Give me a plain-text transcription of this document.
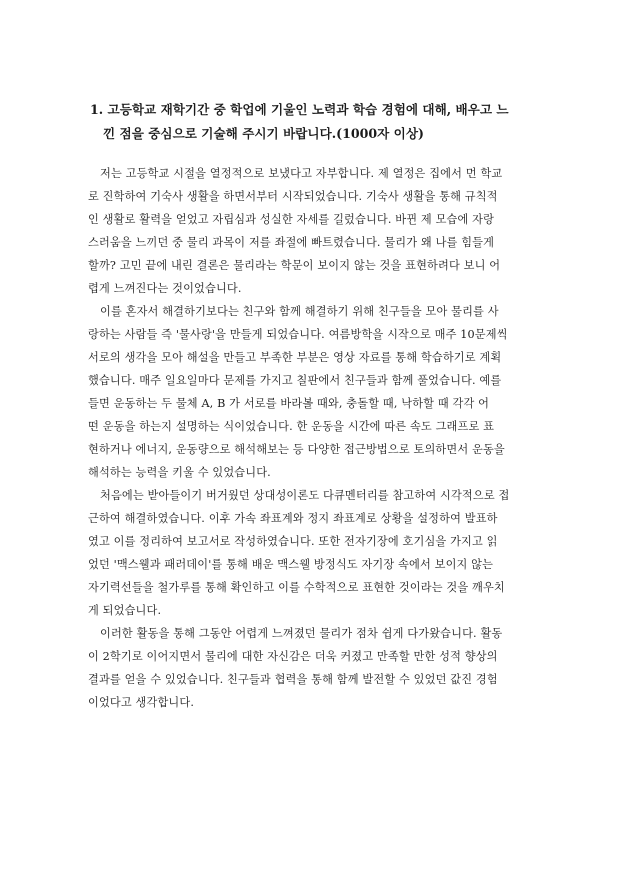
1. 고등학교 재학기간 중 학업에 기울인 노력과 학습 경험에 대해, 배우고 느
낀 점을 중심으로 기술해 주시기 바랍니다.(1000자 이상)
저는 고등학교 시절을 열정적으로 보냈다고 자부합니다. 제 열정은 집에서 먼 학교
로 진학하여 기숙사 생활을 하면서부터 시작되었습니다. 기숙사 생활을 통해 규칙적
인 생활로 활력을 얻었고 자립심과 성실한 자세를 길렀습니다. 바뀐 제 모습에 자랑
스러움을 느끼던 중 물리 과목이 저를 좌절에 빠트렸습니다. 물리가 왜 나를 힘들게
할까? 고민 끝에 내린 결론은 물리라는 학문이 보이지 않는 것을 표현하려다 보니 어
렵게 느껴진다는 것이었습니다.
이를 혼자서 해결하기보다는 친구와 함께 해결하기 위해 친구들을 모아 물리를 사
랑하는 사람들 즉 '물사랑'을 만들게 되었습니다. 여름방학을 시작으로 매주 10문제씩
서로의 생각을 모아 해설을 만들고 부족한 부분은 영상 자료를 통해 학습하기로 계획
했습니다. 매주 일요일마다 문제를 가지고 칠판에서 친구들과 함께 풀었습니다. 예를
들면 운동하는 두 물체 A, B 가 서로를 바라볼 때와, 충돌할 때, 낙하할 때 각각 어
떤 운동을 하는지 설명하는 식이었습니다. 한 운동을 시간에 따른 속도 그래프로 표
현하거나 에너지, 운동량으로 해석해보는 등 다양한 접근방법으로 토의하면서 운동을
해석하는 능력을 키울 수 있었습니다.
처음에는 받아들이기 버거웠던 상대성이론도 다큐멘터리를 참고하여 시각적으로 접
근하여 해결하였습니다. 이후 가속 좌표계와 정지 좌표계로 상황을 설정하여 발표하
였고 이를 정리하여 보고서로 작성하였습니다. 또한 전자기장에 호기심을 가지고 읽
었던 '맥스웰과 패러데이'를 통해 배운 맥스웰 방정식도 자기장 속에서 보이지 않는
자기력선들을 철가루를 통해 확인하고 이를 수학적으로 표현한 것이라는 것을 깨우치
게 되었습니다.
이러한 활동을 통해 그동안 어렵게 느껴졌던 물리가 점차 쉽게 다가왔습니다. 활동
이 2학기로 이어지면서 물리에 대한 자신감은 더욱 커졌고 만족할 만한 성적 향상의
결과를 얻을 수 있었습니다. 친구들과 협력을 통해 함께 발전할 수 있었던 값진 경험
이었다고 생각합니다.
